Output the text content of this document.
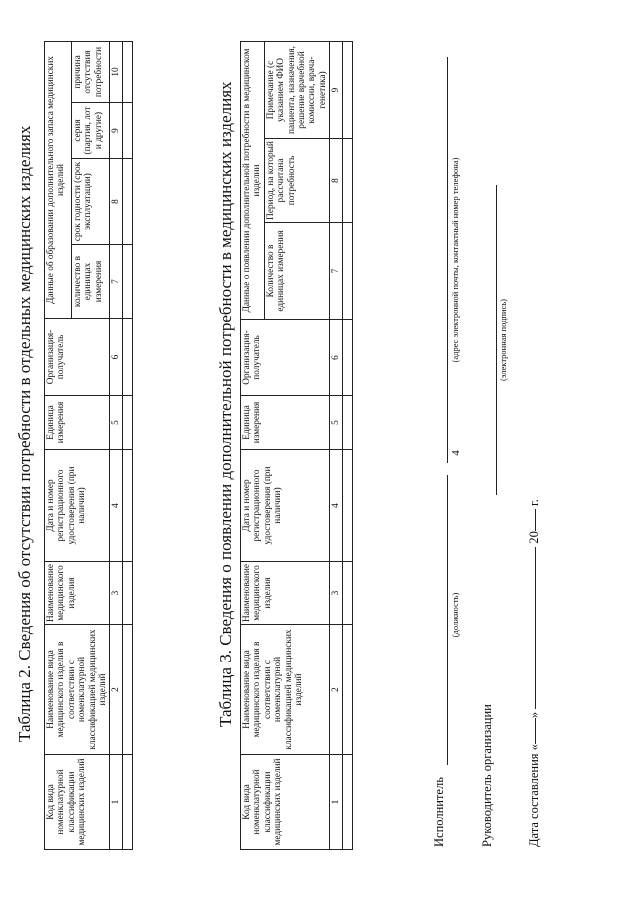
4
Таблица 2. Сведения об отсутствии потребности в отдельных медицинских изделиях
Код вида номенклатурной классификации медицинских изделий	Наименование вида медицинского изделия в соответствии с номенклатурной классификацией медицинских изделий	Наименование медицинского изделия	Дата и номер регистрационного удостоверения (при наличии)	Единица измерения	Организация-получатель	Данные об образовании дополнительного запаса медицинских изделий			
						количество в единицах измерения	срок годности (срок эксплуатации)	серия (партия, лот и другие)	причина отсутствия потребности
1	2	3	4	5	6	7	8	9	10

Таблица 3. Сведения о появлении дополнительной потребности в медицинских изделиях
Код вида номенклатурной классификации медицинских изделий	Наименование вида медицинского изделия в соответствии с номенклатурной классификацией медицинских изделий	Наименование медицинского изделия	Дата и номер регистрационного удостоверения (при наличии)	Единица измерения	Организация-получатель	Данные о появлении дополнительной потребности в медицинском изделии		
						Количество в единицах измерения	Период, на который рассчитана потребность	Примечание (с указанием ФИО пациента, назначения, решение врачебной комиссии, врача-генетика)
1	2	3	4	5	6	7	8	9

Исполнитель
(должность)
(адрес электронной почты, контактный номер телефона)
Руководитель организации
(электронная подпись)
Дата составления «»  20 г.
